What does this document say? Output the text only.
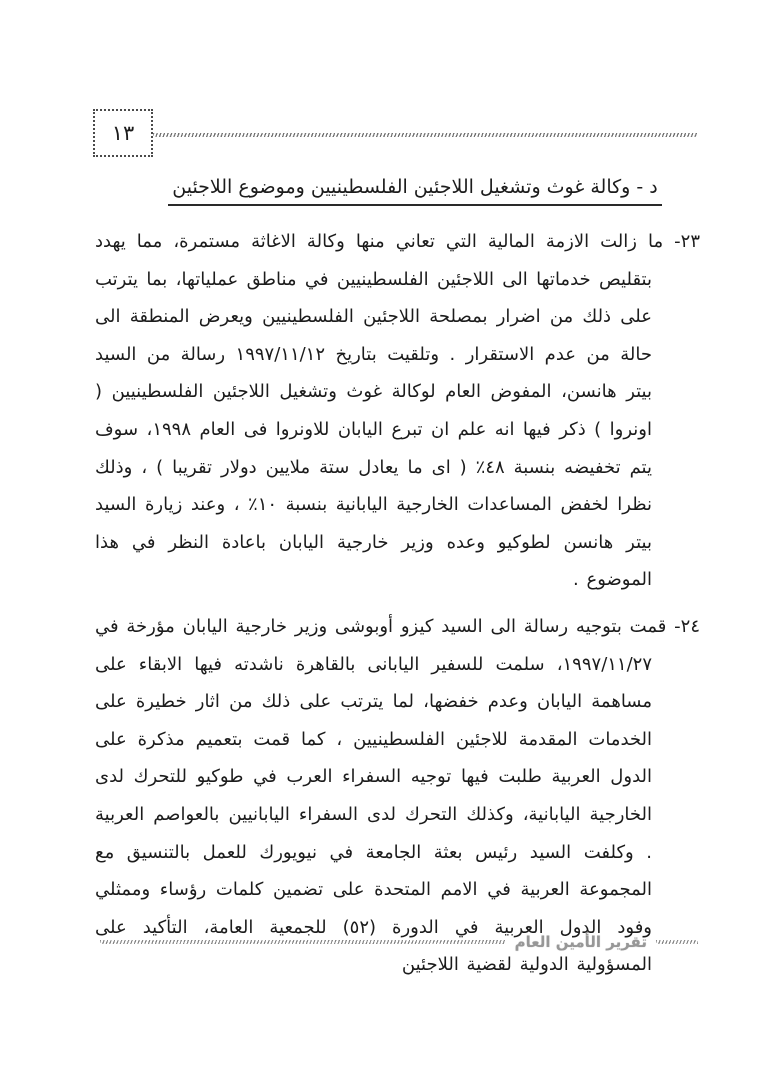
١٣
د - وكالة غوث وتشغيل اللاجئين الفلسطينيين وموضوع اللاجئين

٢٣- ما زالت الازمة المالية التي تعاني منها وكالة الاغاثة مستمرة، مما يهدد بتقليص خدماتها الى اللاجئين الفلسطينيين في مناطق عملياتها، بما يترتب على ذلك من اضرار بمصلحة اللاجئين الفلسطينيين ويعرض المنطقة الى حالة من عدم الاستقرار . وتلقيت بتاريخ ١٩٩٧/١١/١٢ رسالة من السيد بيتر هانسن، المفوض العام لوكالة غوث وتشغيل اللاجئين الفلسطينيين ( اونروا ) ذكر فيها انه علم ان تبرع اليابان للاونروا فى العام ١٩٩٨، سوف يتم تخفيضه بنسبة ٤٨٪ ( اى ما يعادل ستة ملايين دولار تقريبا ) ، وذلك نظرا لخفض المساعدات الخارجية اليابانية بنسبة ١٠٪ ، وعند زيارة السيد بيتر هانسن لطوكيو وعده وزير خارجية اليابان باعادة النظر في هذا الموضوع .

٢٤- قمت بتوجيه رسالة الى السيد كيزو أوبوشى وزير خارجية اليابان مؤرخة في ١٩٩٧/١١/٢٧، سلمت للسفير اليابانى بالقاهرة ناشدته فيها الابقاء على مساهمة اليابان وعدم خفضها، لما يترتب على ذلك من اثار خطيرة على الخدمات المقدمة للاجئين الفلسطينيين ، كما قمت بتعميم مذكرة على الدول العربية طلبت فيها توجيه السفراء العرب في طوكيو للتحرك لدى الخارجية اليابانية، وكذلك التحرك لدى السفراء اليابانيين بالعواصم العربية . وكلفت السيد رئيس بعثة الجامعة في نيويورك للعمل بالتنسيق مع المجموعة العربية في الامم المتحدة على تضمين كلمات رؤساء وممثلي وفود الدول العربية في الدورة (٥٢) للجمعية العامة، التأكيد على المسؤولية الدولية لقضية اللاجئين

تقرير الأمين العام
